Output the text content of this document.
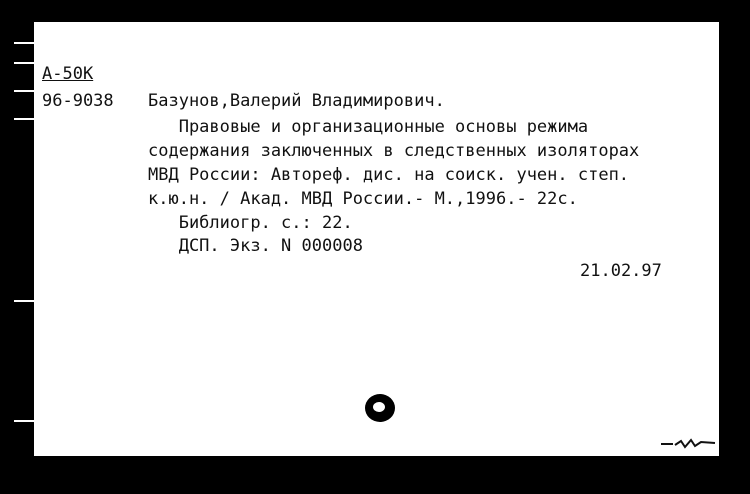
А-50К
96-9038 Базунов,Валерий Владимирович.
Правовые и организационные основы режима
содержания заключенных в следственных изоляторах
МВД России: Автореф. дис. на соиск. учен. степ.
к.ю.н. / Акад. МВД России.- М.,1996.- 22с.
Библиогр. с.: 22.
ДСП. Экз. N 000008
21.02.97
